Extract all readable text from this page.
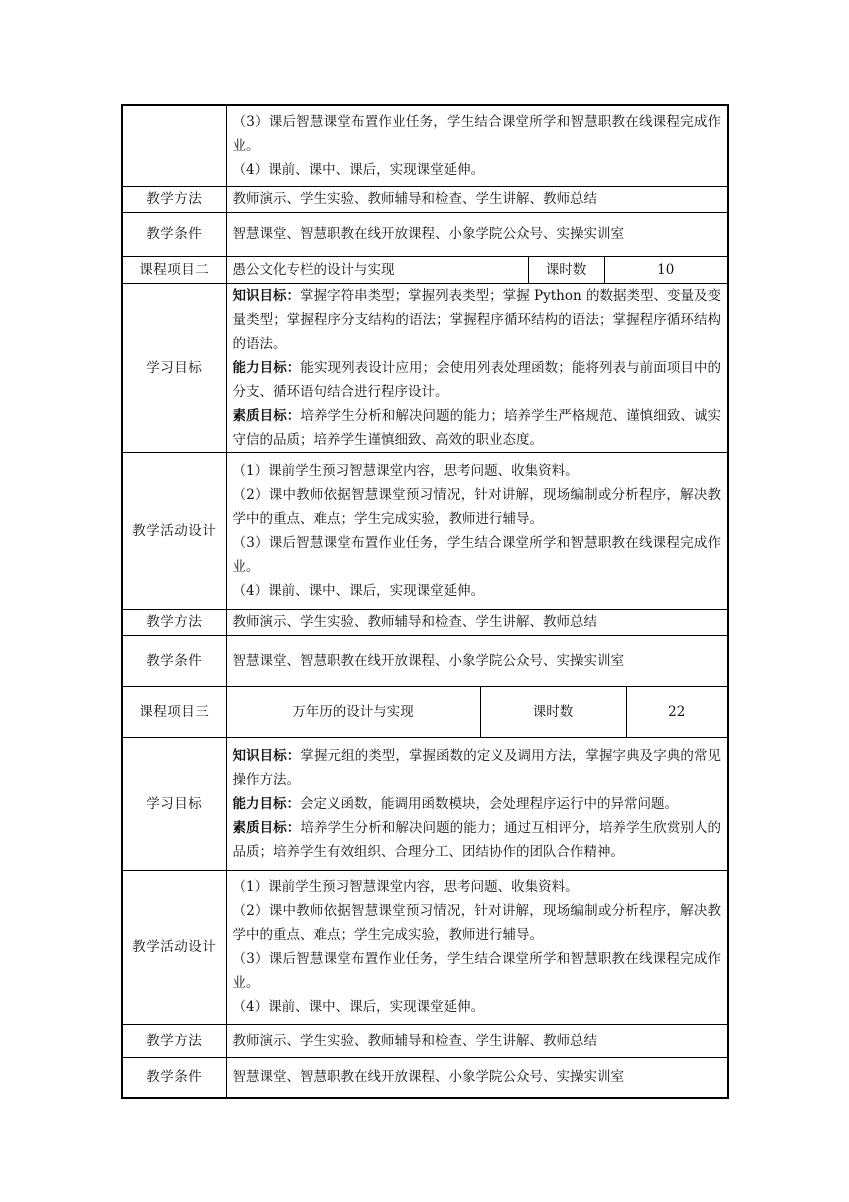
	（3）课后智慧课堂布置作业任务，学生结合课堂所学和智慧职教在线课程完成作业。
（4）课前、课中、课后，实现课堂延伸。				

教学方法	教师演示、学生实验、教师辅导和检查、学生讲解、教师总结				
教学条件	智慧课堂、智慧职教在线开放课程、小象学院公众号、实操实训室				
课程项目二	愚公文化专栏的设计与实现		课时数	10	
学习目标	知识目标：掌握字符串类型；掌握列表类型；掌握 Python 的数据类型、变量及变量类型；掌握程序分支结构的语法；掌握程序循环结构的语法；掌握程序循环结构的语法。
能力目标：能实现列表设计应用；会使用列表处理函数；能将列表与前面项目中的分支、循环语句结合进行程序设计。
素质目标：培养学生分析和解决问题的能力；培养学生严格规范、谨慎细致、诚实守信的品质；培养学生谨慎细致、高效的职业态度。				

教学活动设计	（1）课前学生预习智慧课堂内容，思考问题、收集资料。
（2）课中教师依据智慧课堂预习情况，针对讲解，现场编制或分析程序，解决教学中的重点、难点；学生完成实验，教师进行辅导。
（3）课后智慧课堂布置作业任务，学生结合课堂所学和智慧职教在线课程完成作业。
（4）课前、课中、课后，实现课堂延伸。				

教学方法	教师演示、学生实验、教师辅导和检查、学生讲解、教师总结				
教学条件	智慧课堂、智慧职教在线开放课程、小象学院公众号、实操实训室				
课程项目三	万年历的设计与实现	课时数			22
学习目标	知识目标：掌握元组的类型，掌握函数的定义及调用方法，掌握字典及字典的常见操作方法。
能力目标：会定义函数，能调用函数模块，会处理程序运行中的异常问题。
素质目标：培养学生分析和解决问题的能力；通过互相评分，培养学生欣赏别人的品质；培养学生有效组织、合理分工、团结协作的团队合作精神。				

教学活动设计	（1）课前学生预习智慧课堂内容，思考问题、收集资料。
（2）课中教师依据智慧课堂预习情况，针对讲解，现场编制或分析程序，解决教学中的重点、难点；学生完成实验，教师进行辅导。
（3）课后智慧课堂布置作业任务，学生结合课堂所学和智慧职教在线课程完成作业。
（4）课前、课中、课后，实现课堂延伸。				

教学方法	教师演示、学生实验、教师辅导和检查、学生讲解、教师总结				
教学条件	智慧课堂、智慧职教在线开放课程、小象学院公众号、实操实训室				
